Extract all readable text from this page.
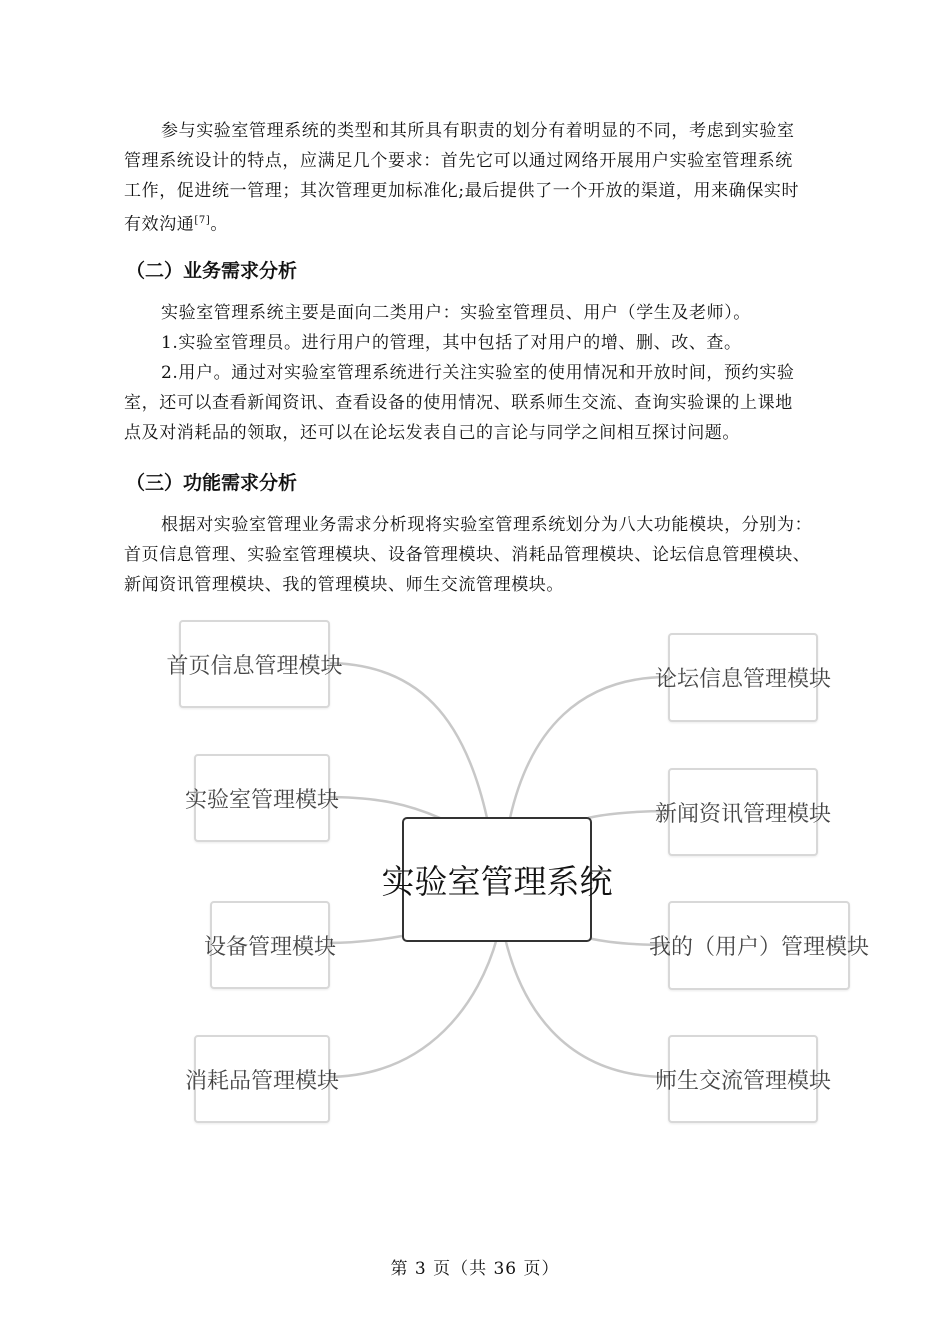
参与实验室管理系统的类型和其所具有职责的划分有着明显的不同，考虑到实验室
管理系统设计的特点，应满足几个要求：首先它可以通过网络开展用户实验室管理系统
工作，促进统一管理；其次管理更加标准化;最后提供了一个开放的渠道，用来确保实时
有效沟通[7]。

（二）业务需求分析

实验室管理系统主要是面向二类用户：实验室管理员、用户（学生及老师）。
1.实验室管理员。进行用户的管理，其中包括了对用户的增、删、改、查。
2.用户。通过对实验室管理系统进行关注实验室的使用情况和开放时间，预约实验
室，还可以查看新闻资讯、查看设备的使用情况、联系师生交流、查询实验课的上课地
点及对消耗品的领取，还可以在论坛发表自己的言论与同学之间相互探讨问题。

（三）功能需求分析

根据对实验室管理业务需求分析现将实验室管理系统划分为八大功能模块，分别为：
首页信息管理、实验室管理模块、设备管理模块、消耗品管理模块、论坛信息管理模块、
新闻资讯管理模块、我的管理模块、师生交流管理模块。

首页信息管理模块
实验室管理模块
设备管理模块
消耗品管理模块
论坛信息管理模块
新闻资讯管理模块
我的（用户）管理模块
师生交流管理模块
实验室管理系统
第 3 页（共 36 页）
